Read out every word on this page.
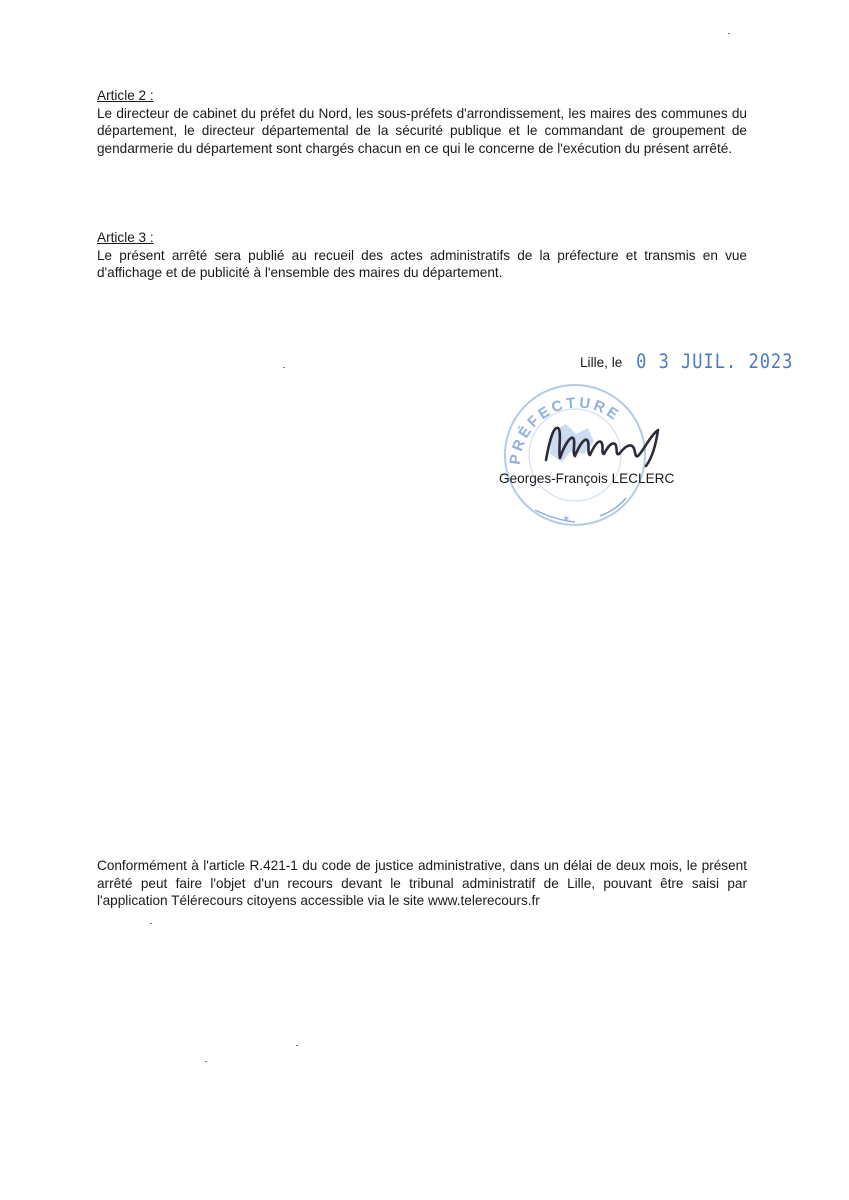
Article 2 :
Le directeur de cabinet du préfet du Nord, les sous-préfets d'arrondissement, les maires des communes du département, le directeur départemental de la sécurité publique et le commandant de groupement de gendarmerie du département sont chargés chacun en ce qui le concerne de l'exécution du présent arrêté.
Article 3 :
Le présent arrêté sera publié au recueil des actes administratifs de la préfecture et transmis en vue d'affichage et de publicité à l'ensemble des maires du département.
Lille, le 0 3 JUIL. 2023
PRÉFECTURE
✶
Georges-François LECLERC
Conformément à l'article R.421-1 du code de justice administrative, dans un délai de deux mois, le présent arrêté peut faire l'objet d'un recours devant le tribunal administratif de Lille, pouvant être saisi par l'application Télérecours citoyens accessible via le site www.telerecours.fr
